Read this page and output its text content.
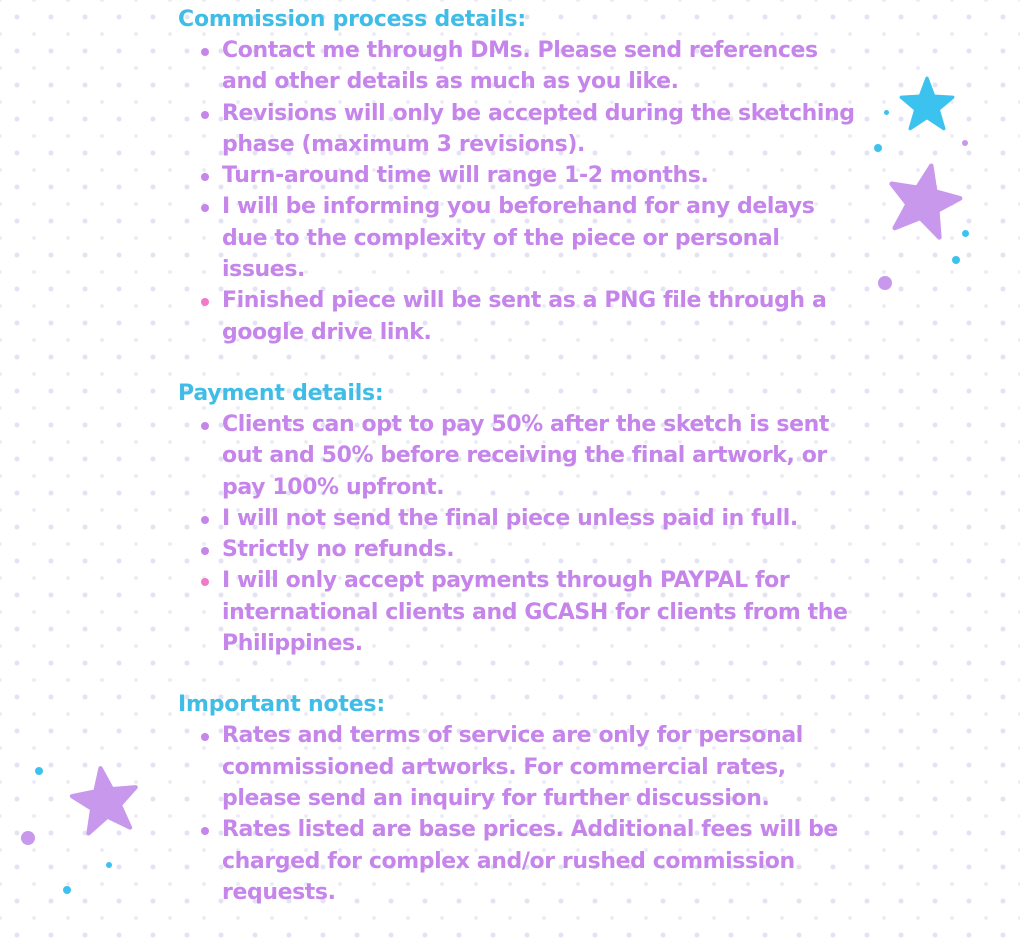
Commission process details:
Contact me through DMs. Please send references and other details as much as you like.
Revisions will only be accepted during the sketching phase (maximum 3 revisions).
Turn-around time will range 1-2 months.
I will be informing you beforehand for any delays due to the complexity of the piece or personal issues.
Finished piece will be sent as a PNG file through a google drive link.
Payment details:
Clients can opt to pay 50% after the sketch is sent out and 50% before receiving the final artwork, or pay 100% upfront.
I will not send the final piece unless paid in full.
Strictly no refunds.
I will only accept payments through PAYPAL for international clients and GCASH for clients from the Philippines.
Important notes:
Rates and terms of service are only for personal commissioned artworks. For commercial rates, please send an inquiry for further discussion.
Rates listed are base prices. Additional fees will be charged for complex and/or rushed commission requests.
